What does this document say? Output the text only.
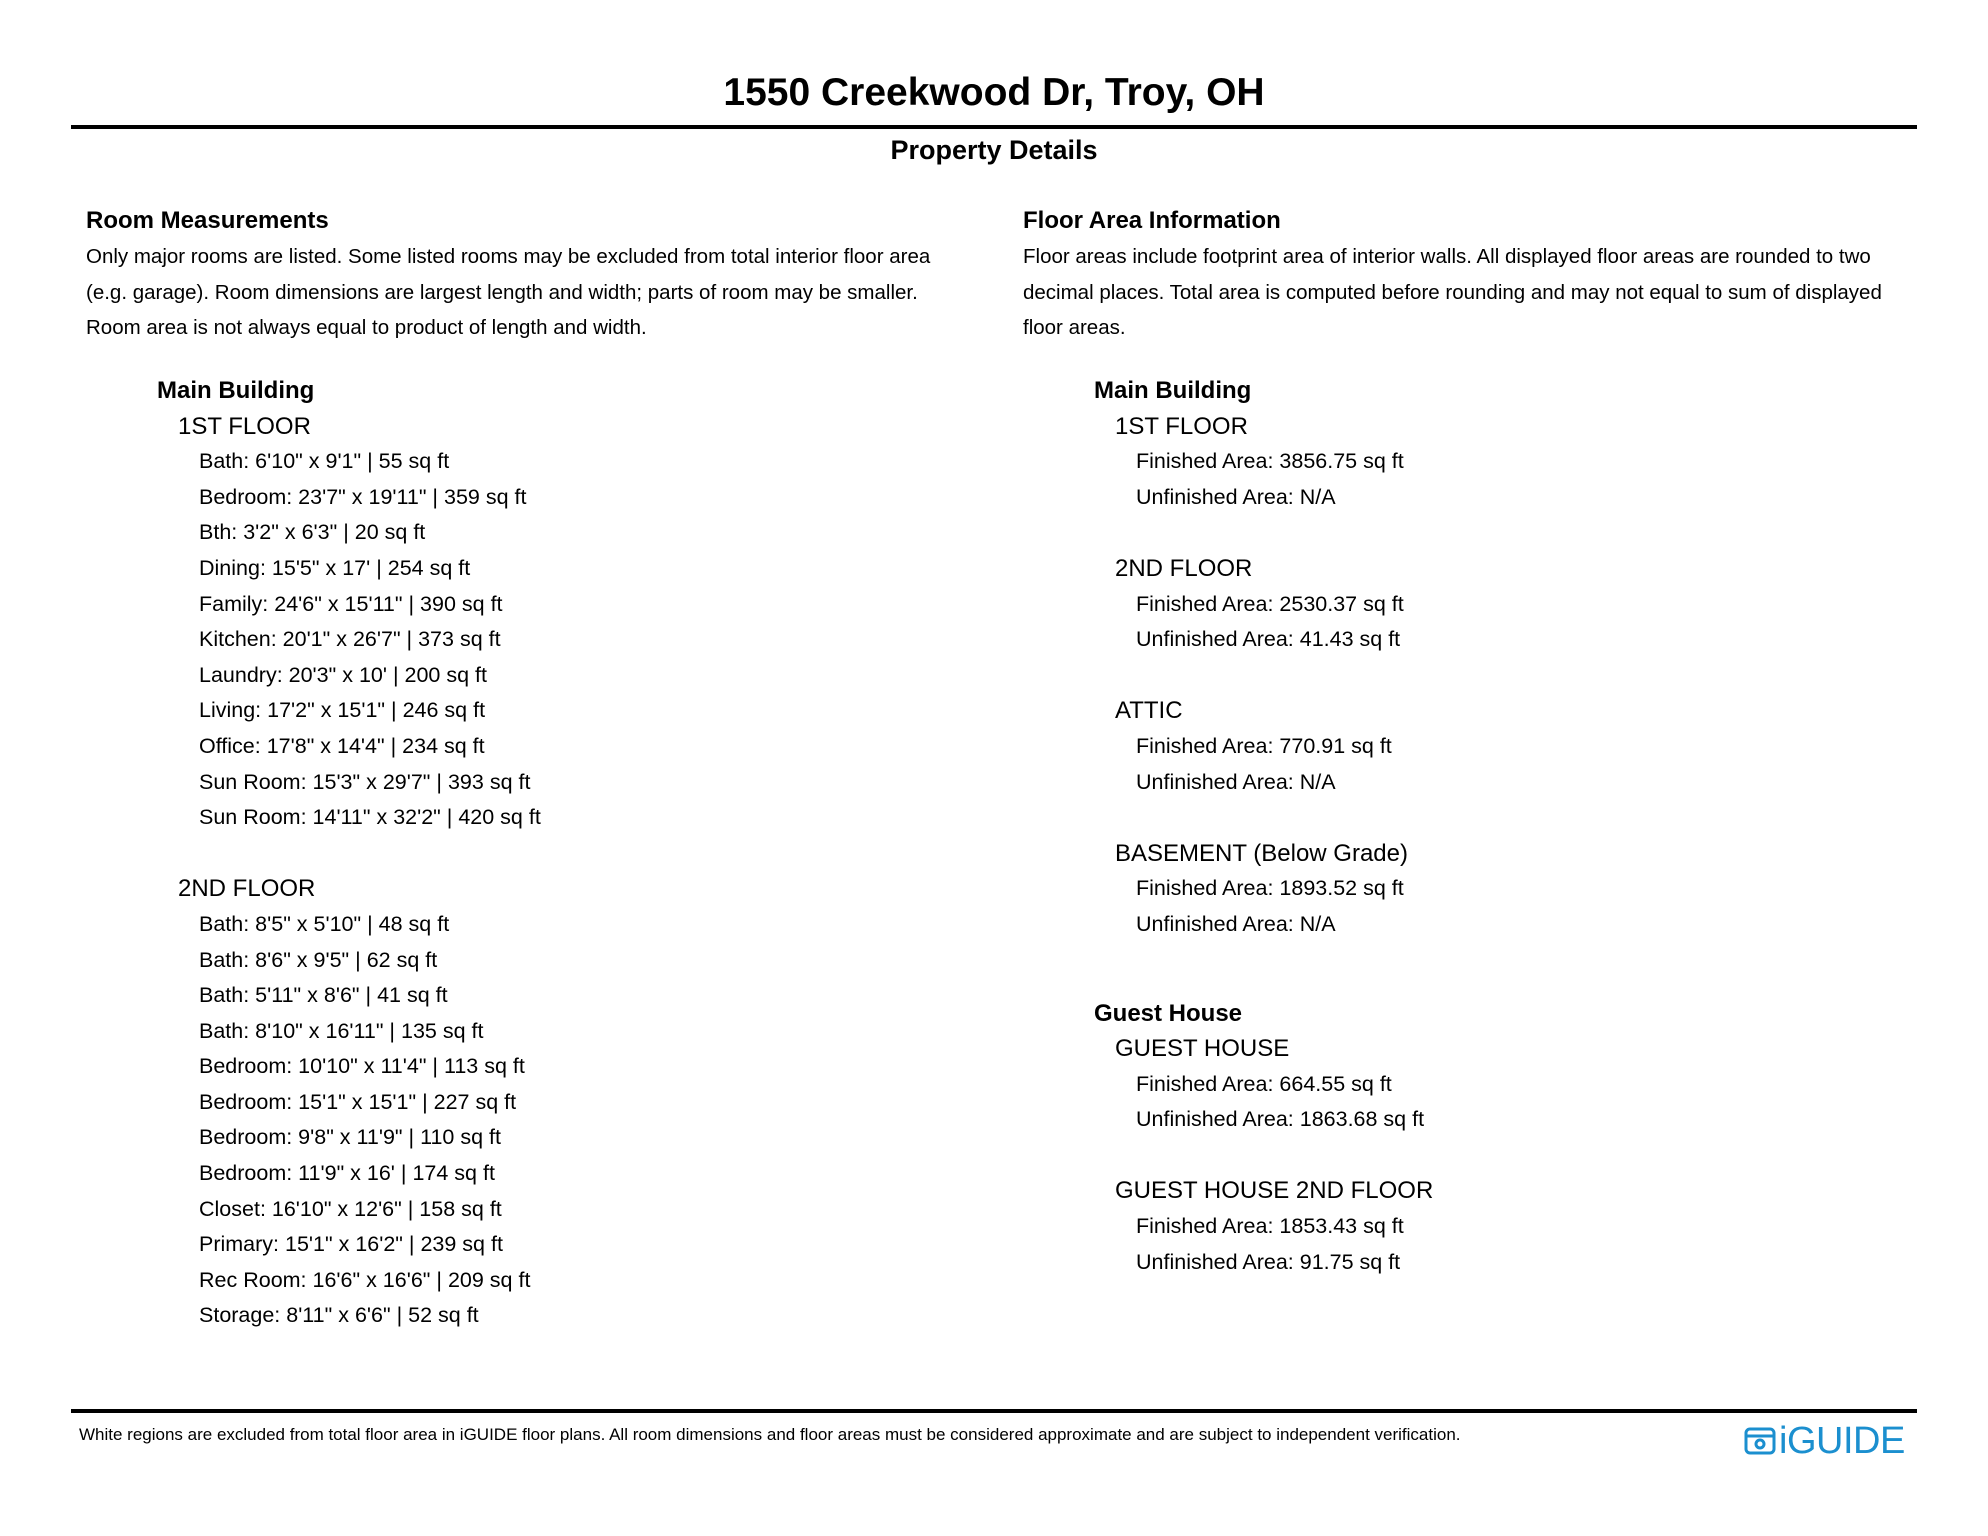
1550 Creekwood Dr, Troy, OH
Property Details
Room Measurements

Only major rooms are listed. Some listed rooms may be excluded from total interior floor area
(e.g. garage). Room dimensions are largest length and width; parts of room may be smaller.
Room area is not always equal to product of length and width.

Main Building
1ST FLOOR
Bath: 6'10" x 9'1" | 55 sq ft
Bedroom: 23'7" x 19'11" | 359 sq ft
Bth: 3'2" x 6'3" | 20 sq ft
Dining: 15'5" x 17' | 254 sq ft
Family: 24'6" x 15'11" | 390 sq ft
Kitchen: 20'1" x 26'7" | 373 sq ft
Laundry: 20'3" x 10' | 200 sq ft
Living: 17'2" x 15'1" | 246 sq ft
Office: 17'8" x 14'4" | 234 sq ft
Sun Room: 15'3" x 29'7" | 393 sq ft
Sun Room: 14'11" x 32'2" | 420 sq ft
2ND FLOOR
Bath: 8'5" x 5'10" | 48 sq ft
Bath: 8'6" x 9'5" | 62 sq ft
Bath: 5'11" x 8'6" | 41 sq ft
Bath: 8'10" x 16'11" | 135 sq ft
Bedroom: 10'10" x 11'4" | 113 sq ft
Bedroom: 15'1" x 15'1" | 227 sq ft
Bedroom: 9'8" x 11'9" | 110 sq ft
Bedroom: 11'9" x 16' | 174 sq ft
Closet: 16'10" x 12'6" | 158 sq ft
Primary: 15'1" x 16'2" | 239 sq ft
Rec Room: 16'6" x 16'6" | 209 sq ft
Storage: 8'11" x 6'6" | 52 sq ft
Floor Area Information

Floor areas include footprint area of interior walls. All displayed floor areas are rounded to two
decimal places. Total area is computed before rounding and may not equal to sum of displayed
floor areas.

Main Building
1ST FLOOR
Finished Area: 3856.75 sq ft
Unfinished Area: N/A
2ND FLOOR
Finished Area: 2530.37 sq ft
Unfinished Area: 41.43 sq ft
ATTIC
Finished Area: 770.91 sq ft
Unfinished Area: N/A
BASEMENT (Below Grade)
Finished Area: 1893.52 sq ft
Unfinished Area: N/A
Guest House
GUEST HOUSE
Finished Area: 664.55 sq ft
Unfinished Area: 1863.68 sq ft
GUEST HOUSE 2ND FLOOR
Finished Area: 1853.43 sq ft
Unfinished Area: 91.75 sq ft
White regions are excluded from total floor area in iGUIDE floor plans. All room dimensions and floor areas must be considered approximate and are subject to independent verification.	iGUIDE
